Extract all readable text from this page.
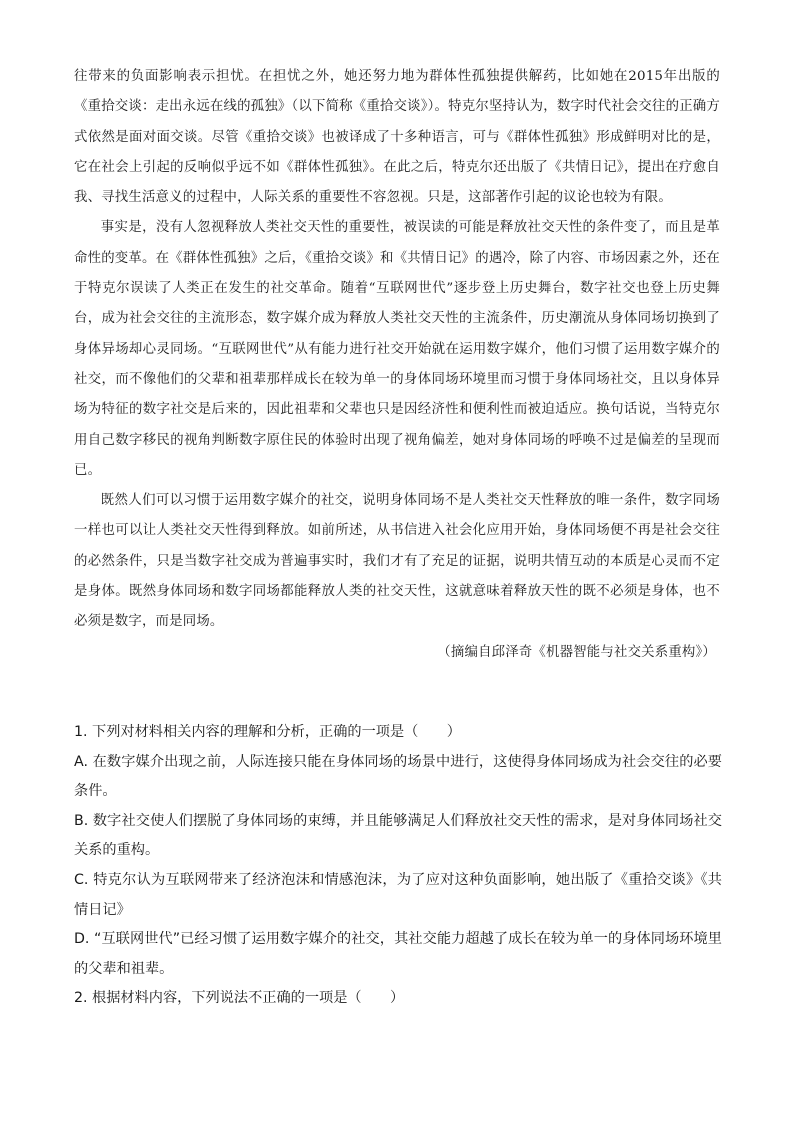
往带来的负面影响表示担忧。在担忧之外，她还努力地为群体性孤独提供解药，比如她在2015年出版的《重拾交谈：走出永远在线的孤独》（以下简称《重拾交谈》）。特克尔坚持认为，数字时代社会交往的正确方式依然是面对面交谈。尽管《重拾交谈》也被译成了十多种语言，可与《群体性孤独》形成鲜明对比的是，它在社会上引起的反响似乎远不如《群体性孤独》。在此之后，特克尔还出版了《共情日记》，提出在疗愈自我、寻找生活意义的过程中，人际关系的重要性不容忽视。只是，这部著作引起的议论也较为有限。

事实是，没有人忽视释放人类社交天性的重要性，被误读的可能是释放社交天性的条件变了，而且是革命性的变革。在《群体性孤独》之后，《重拾交谈》和《共情日记》的遇冷，除了内容、市场因素之外，还在于特克尔误读了人类正在发生的社交革命。随着“互联网世代”逐步登上历史舞台，数字社交也登上历史舞台，成为社会交往的主流形态，数字媒介成为释放人类社交天性的主流条件，历史潮流从身体同场切换到了身体异场却心灵同场。“互联网世代”从有能力进行社交开始就在运用数字媒介，他们习惯了运用数字媒介的社交，而不像他们的父辈和祖辈那样成长在较为单一的身体同场环境里而习惯于身体同场社交，且以身体异场为特征的数字社交是后来的，因此祖辈和父辈也只是因经济性和便利性而被迫适应。换句话说，当特克尔用自己数字移民的视角判断数字原住民的体验时出现了视角偏差，她对身体同场的呼唤不过是偏差的呈现而已。

既然人们可以习惯于运用数字媒介的社交，说明身体同场不是人类社交天性释放的唯一条件，数字同场一样也可以让人类社交天性得到释放。如前所述，从书信进入社会化应用开始，身体同场便不再是社会交往的必然条件，只是当数字社交成为普遍事实时，我们才有了充足的证据，说明共情互动的本质是心灵而不定是身体。既然身体同场和数字同场都能释放人类的社交天性，这就意味着释放天性的既不必须是身体，也不必须是数字，而是同场。

（摘编自邱泽奇《机器智能与社交关系重构》）

1. 下列对材料相关内容的理解和分析，正确的一项是（　　）

A. 在数字媒介出现之前，人际连接只能在身体同场的场景中进行，这使得身体同场成为社会交往的必要条件。

B. 数字社交使人们摆脱了身体同场的束缚，并且能够满足人们释放社交天性的需求，是对身体同场社交关系的重构。

C. 特克尔认为互联网带来了经济泡沫和情感泡沫，为了应对这种负面影响，她出版了《重拾交谈》《共情日记》

D. “互联网世代”已经习惯了运用数字媒介的社交，其社交能力超越了成长在较为单一的身体同场环境里的父辈和祖辈。

2. 根据材料内容，下列说法不正确的一项是（　　）
